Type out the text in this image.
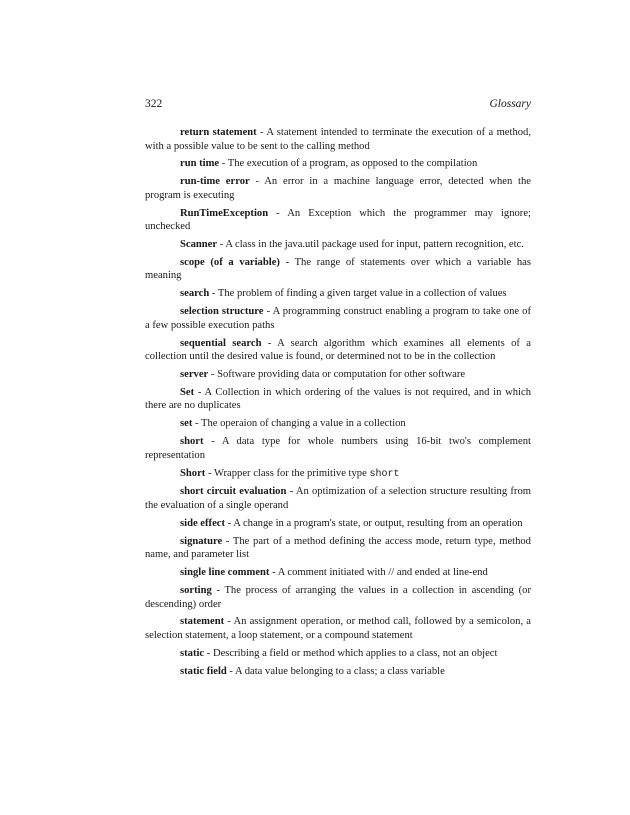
322	Glossary

return statement - A statement intended to terminate the execution of a method, with a possible value to be sent to the calling method

run time - The execution of a program, as opposed to the compilation

run-time error - An error in a machine language error, detected when the program is executing

RunTimeException - An Exception which the programmer may ignore; unchecked

Scanner - A class in the java.util package used for input, pattern recognition, etc.

scope (of a variable) - The range of statements over which a variable has meaning

search - The problem of finding a given target value in a collection of values

selection structure - A programming construct enabling a program to take one of a few possible execution paths

sequential search - A search algorithm which examines all elements of a collection until the desired value is found, or determined not to be in the collection

server - Software providing data or computation for other software

Set - A Collection in which ordering of the values is not required, and in which there are no duplicates

set - The operaion of changing a value in a collection

short - A data type for whole numbers using 16-bit two's complement representation

Short - Wrapper class for the primitive type short

short circuit evaluation - An optimization of a selection structure resulting from the evaluation of a single operand

side effect - A change in a program's state, or output, resulting from an operation

signature - The part of a method defining the access mode, return type, method name, and parameter list

single line comment - A comment initiated with // and ended at line-end

sorting - The process of arranging the values in a collection in ascending (or descending) order

statement - An assignment operation, or method call, followed by a semicolon, a selection statement, a loop statement, or a compound statement

static - Describing a field or method which applies to a class, not an object

static field - A data value belonging to a class; a class variable
